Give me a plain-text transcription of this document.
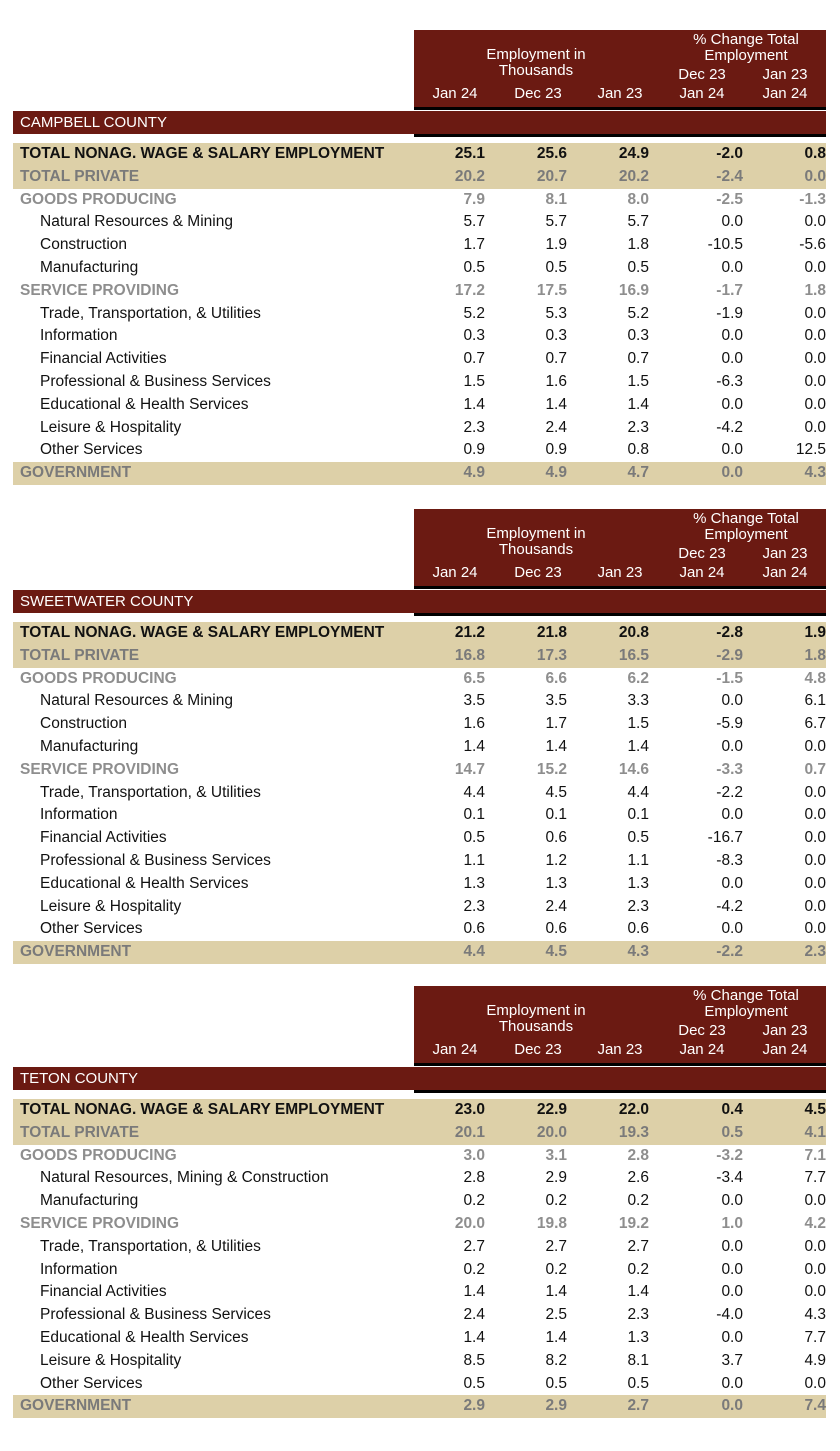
Employment in Thousands
% Change Total Employment
Dec 23	Jan 23
Jan 24	Dec 23	Jan 23	Jan 24	Jan 24
CAMPBELL COUNTY
TOTAL NONAG. WAGE & SALARY EMPLOYMENT	25.1	25.6	24.9	-2.0	0.8
TOTAL PRIVATE	20.2	20.7	20.2	-2.4	0.0
GOODS PRODUCING	7.9	8.1	8.0	-2.5	-1.3
Natural Resources & Mining	5.7	5.7	5.7	0.0	0.0
Construction	1.7	1.9	1.8	-10.5	-5.6
Manufacturing	0.5	0.5	0.5	0.0	0.0
SERVICE PROVIDING	17.2	17.5	16.9	-1.7	1.8
Trade, Transportation, & Utilities	5.2	5.3	5.2	-1.9	0.0
Information	0.3	0.3	0.3	0.0	0.0
Financial Activities	0.7	0.7	0.7	0.0	0.0
Professional & Business Services	1.5	1.6	1.5	-6.3	0.0
Educational & Health Services	1.4	1.4	1.4	0.0	0.0
Leisure & Hospitality	2.3	2.4	2.3	-4.2	0.0
Other Services	0.9	0.9	0.8	0.0	12.5
GOVERNMENT	4.9	4.9	4.7	0.0	4.3
Employment in Thousands
% Change Total Employment
Dec 23	Jan 23
Jan 24	Dec 23	Jan 23	Jan 24	Jan 24
SWEETWATER COUNTY
TOTAL NONAG. WAGE & SALARY EMPLOYMENT	21.2	21.8	20.8	-2.8	1.9
TOTAL PRIVATE	16.8	17.3	16.5	-2.9	1.8
GOODS PRODUCING	6.5	6.6	6.2	-1.5	4.8
Natural Resources & Mining	3.5	3.5	3.3	0.0	6.1
Construction	1.6	1.7	1.5	-5.9	6.7
Manufacturing	1.4	1.4	1.4	0.0	0.0
SERVICE PROVIDING	14.7	15.2	14.6	-3.3	0.7
Trade, Transportation, & Utilities	4.4	4.5	4.4	-2.2	0.0
Information	0.1	0.1	0.1	0.0	0.0
Financial Activities	0.5	0.6	0.5	-16.7	0.0
Professional & Business Services	1.1	1.2	1.1	-8.3	0.0
Educational & Health Services	1.3	1.3	1.3	0.0	0.0
Leisure & Hospitality	2.3	2.4	2.3	-4.2	0.0
Other Services	0.6	0.6	0.6	0.0	0.0
GOVERNMENT	4.4	4.5	4.3	-2.2	2.3
Employment in Thousands
% Change Total Employment
Dec 23	Jan 23
Jan 24	Dec 23	Jan 23	Jan 24	Jan 24
TETON COUNTY
TOTAL NONAG. WAGE & SALARY EMPLOYMENT	23.0	22.9	22.0	0.4	4.5
TOTAL PRIVATE	20.1	20.0	19.3	0.5	4.1
GOODS PRODUCING	3.0	3.1	2.8	-3.2	7.1
Natural Resources, Mining & Construction	2.8	2.9	2.6	-3.4	7.7
Manufacturing	0.2	0.2	0.2	0.0	0.0
SERVICE PROVIDING	20.0	19.8	19.2	1.0	4.2
Trade, Transportation, & Utilities	2.7	2.7	2.7	0.0	0.0
Information	0.2	0.2	0.2	0.0	0.0
Financial Activities	1.4	1.4	1.4	0.0	0.0
Professional & Business Services	2.4	2.5	2.3	-4.0	4.3
Educational & Health Services	1.4	1.4	1.3	0.0	7.7
Leisure & Hospitality	8.5	8.2	8.1	3.7	4.9
Other Services	0.5	0.5	0.5	0.0	0.0
GOVERNMENT	2.9	2.9	2.7	0.0	7.4
